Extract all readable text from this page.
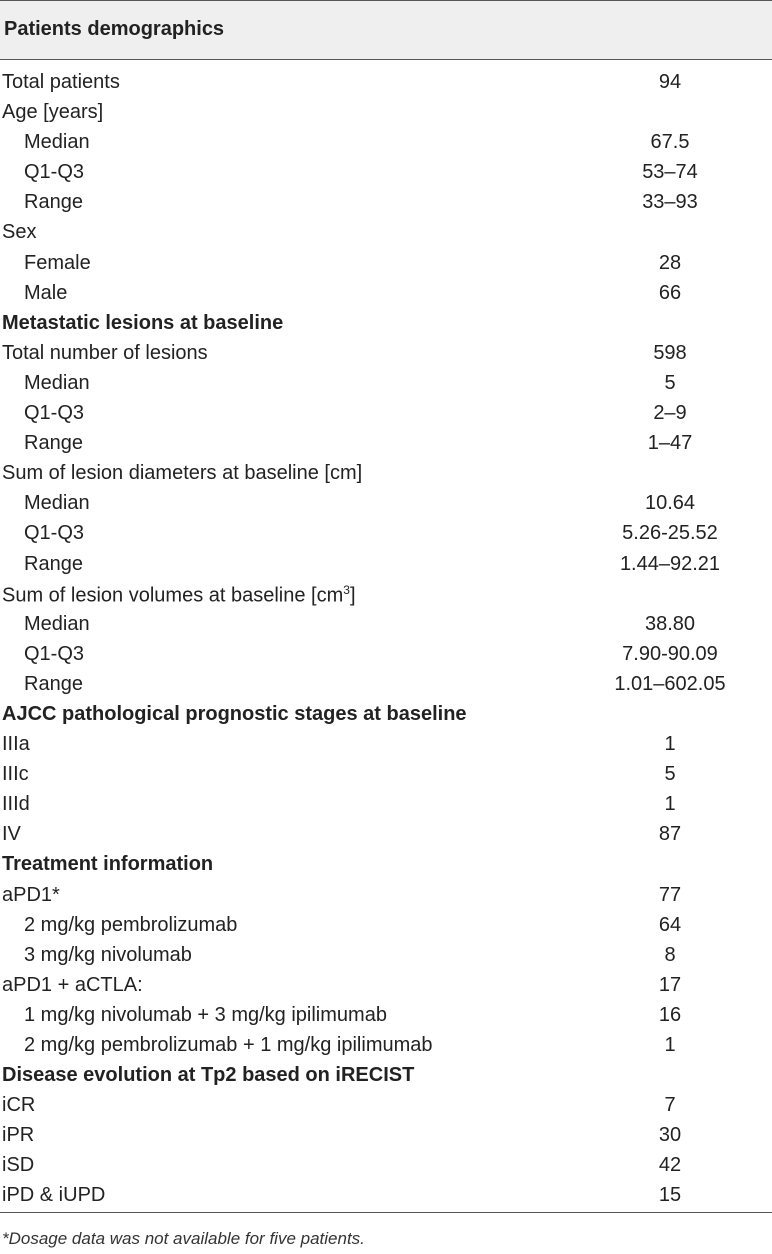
Patients demographics
Total patients	94
Age [years]
Median	67.5
Q1-Q3	53–74
Range	33–93
Sex
Female	28
Male	66
Metastatic lesions at baseline
Total number of lesions	598
Median	5
Q1-Q3	2–9
Range	1–47
Sum of lesion diameters at baseline [cm]
Median	10.64
Q1-Q3	5.26-25.52
Range	1.44–92.21
Sum of lesion volumes at baseline $[cm^3]$
Median	38.80
Q1-Q3	7.90-90.09
Range	1.01–602.05
AJCC pathological prognostic stages at baseline
IIIa	1
IIIc	5
IIId	1
IV	87
Treatment information
aPD1*	77
2 mg/kg pembrolizumab	64
3 mg/kg nivolumab	8
aPD1 + aCTLA:	17
1 mg/kg nivolumab + 3 mg/kg ipilimumab	16
2 mg/kg pembrolizumab + 1 mg/kg ipilimumab	1
Disease evolution at Tp2 based on iRECIST
iCR	7
iPR	30
iSD	42
iPD & iUPD	15
*Dosage data was not available for five patients.
